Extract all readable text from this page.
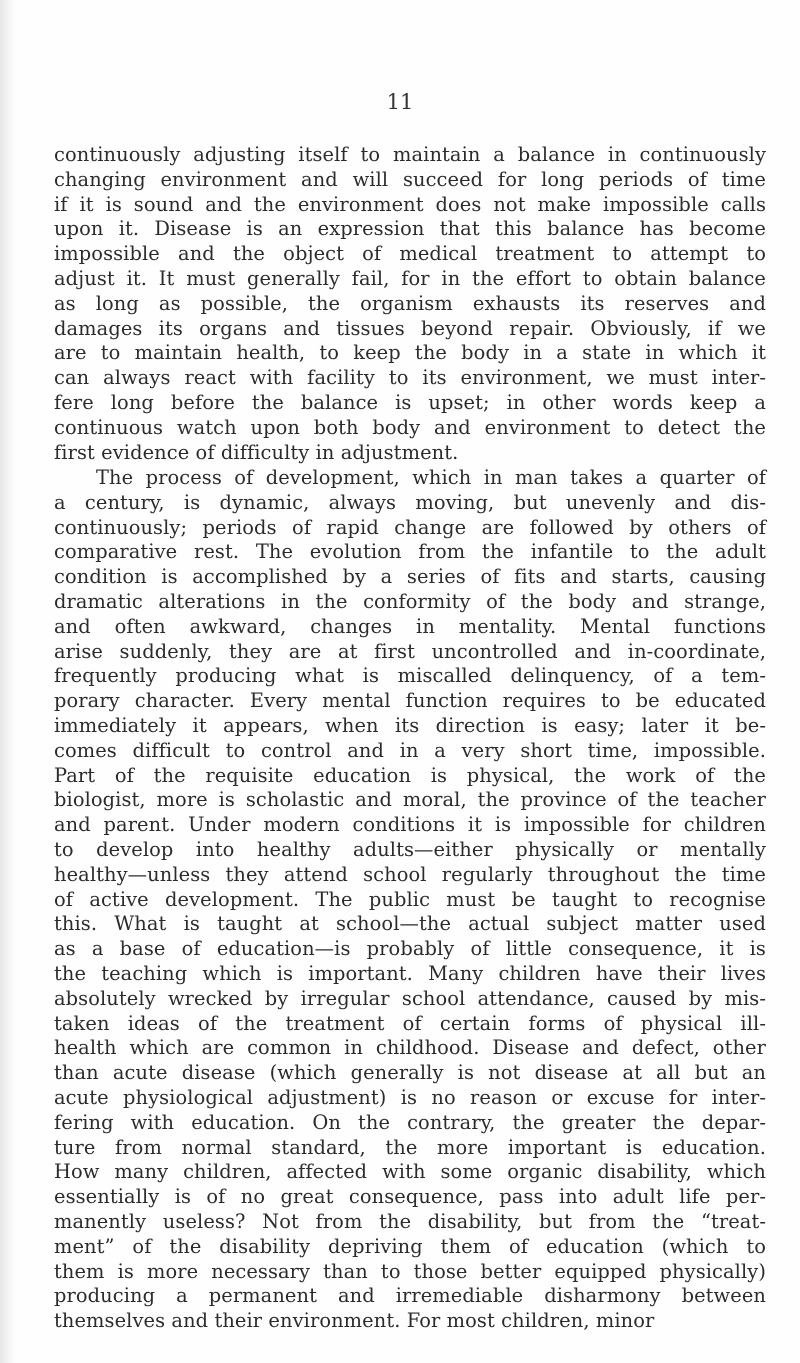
11
continuously adjusting itself to maintain a balance in continuously
changing environment and will succeed for long periods of time
if it is sound and the environment does not make impossible calls
upon it. Disease is an expression that this balance has become
impossible and the object of medical treatment to attempt to
adjust it. It must generally fail, for in the effort to obtain balance
as long as possible, the organism exhausts its reserves and
damages its organs and tissues beyond repair. Obviously, if we
are to maintain health, to keep the body in a state in which it
can always react with facility to its environment, we must inter-
fere long before the balance is upset; in other words keep a
continuous watch upon both body and environment to detect the
first evidence of difficulty in adjustment.
The process of development, which in man takes a quarter of
a century, is dynamic, always moving, but unevenly and dis-
continuously; periods of rapid change are followed by others of
comparative rest. The evolution from the infantile to the adult
condition is accomplished by a series of fits and starts, causing
dramatic alterations in the conformity of the body and strange,
and often awkward, changes in mentality. Mental functions
arise suddenly, they are at first uncontrolled and in-coordinate,
frequently producing what is miscalled delinquency, of a tem-
porary character. Every mental function requires to be educated
immediately it appears, when its direction is easy; later it be-
comes difficult to control and in a very short time, impossible.
Part of the requisite education is physical, the work of the
biologist, more is scholastic and moral, the province of the teacher
and parent. Under modern conditions it is impossible for children
to develop into healthy adults—either physically or mentally
healthy—unless they attend school regularly throughout the time
of active development. The public must be taught to recognise
this. What is taught at school—the actual subject matter used
as a base of education—is probably of little consequence, it is
the teaching which is important. Many children have their lives
absolutely wrecked by irregular school attendance, caused by mis-
taken ideas of the treatment of certain forms of physical ill-
health which are common in childhood. Disease and defect, other
than acute disease (which generally is not disease at all but an
acute physiological adjustment) is no reason or excuse for inter-
fering with education. On the contrary, the greater the depar-
ture from normal standard, the more important is education.
How many children, affected with some organic disability, which
essentially is of no great consequence, pass into adult life per-
manently useless? Not from the disability, but from the “treat-
ment” of the disability depriving them of education (which to
them is more necessary than to those better equipped physically)
producing a permanent and irremediable disharmony between
themselves and their environment. For most children, minor
